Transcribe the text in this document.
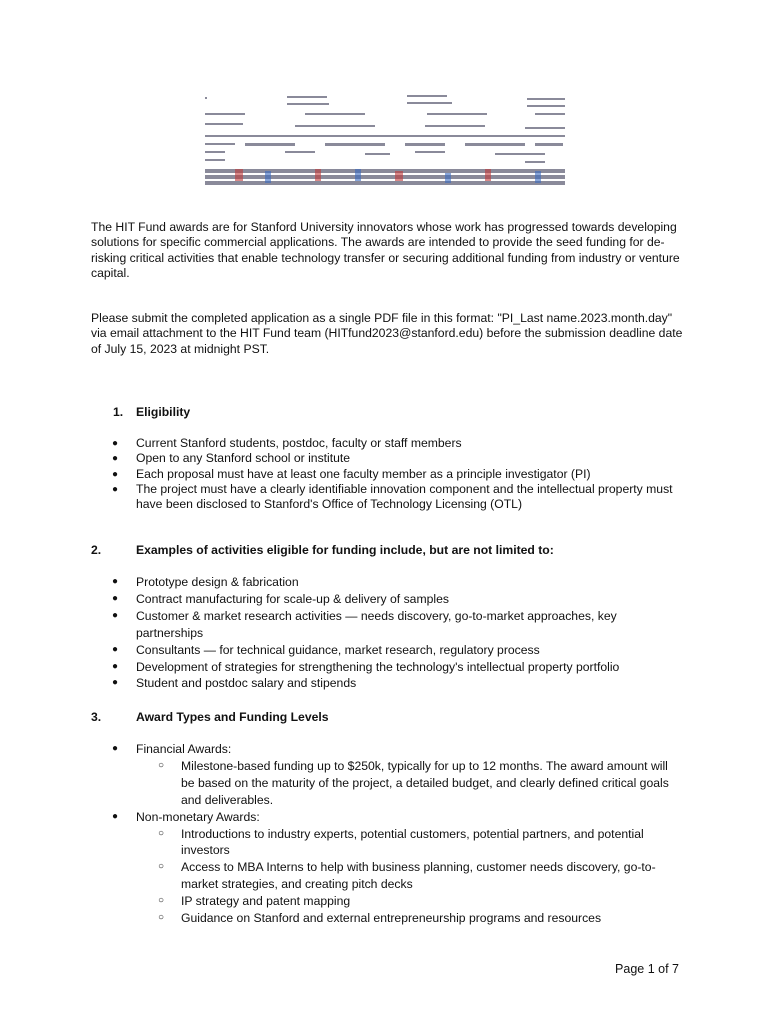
The HIT Fund awards are for Stanford University innovators whose work has progressed towards developing solutions for specific commercial applications. The awards are intended to provide the seed funding for de-risking critical activities that enable technology transfer or securing additional funding from industry or venture capital.

Please submit the completed application as a single PDF file in this format: "PI_Last name.2023.month.day" via email attachment to the HIT Fund team (HITfund2023@stanford.edu) before the submission deadline date of July 15, 2023 at midnight PST.

1. Eligibility
● Current Stanford students, postdoc, faculty or staff members
● Open to any Stanford school or institute
● Each proposal must have at least one faculty member as a principle investigator (PI)
● The project must have a clearly identifiable innovation component and the intellectual property must have been disclosed to Stanford's Office of Technology Licensing (OTL)
2.	Examples of activities eligible for funding include, but are not limited to:
● Prototype design & fabrication
● Contract manufacturing for scale-up & delivery of samples
● Customer & market research activities — needs discovery, go-to-market approaches, key partnerships
● Consultants — for technical guidance, market research, regulatory process
● Development of strategies for strengthening the technology's intellectual property portfolio
● Student and postdoc salary and stipends
3.	Award Types and Funding Levels
● Financial Awards:
○ Milestone-based funding up to $250k, typically for up to 12 months. The award amount will be based on the maturity of the project, a detailed budget, and clearly defined critical goals and deliverables.
● Non-monetary Awards:
○ Introductions to industry experts, potential customers, potential partners, and potential investors
○ Access to MBA Interns to help with business planning, customer needs discovery, go-to-market strategies, and creating pitch decks
○ IP strategy and patent mapping
○ Guidance on Stanford and external entrepreneurship programs and resources
Page 1 of 7
